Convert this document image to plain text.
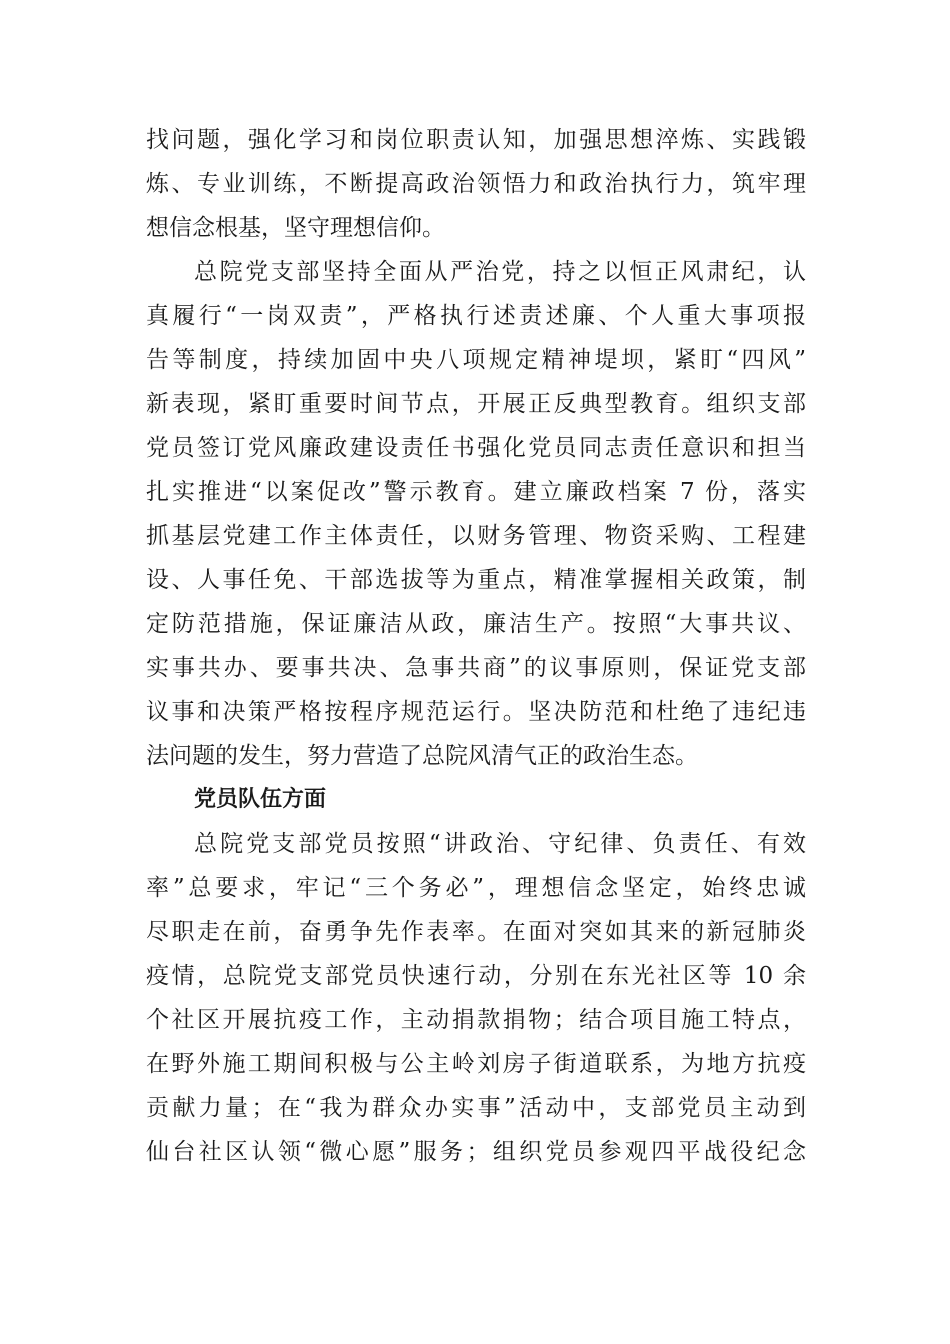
找问题，强化学习和岗位职责认知，加强思想淬炼、实践锻
炼、专业训练，不断提高政治领悟力和政治执行力，筑牢理
想信念根基，坚守理想信仰。
总院党支部坚持全面从严治党，持之以恒正风肃纪，认
真履行“一岗双责”，严格执行述责述廉、个人重大事项报
告等制度，持续加固中央八项规定精神堤坝，紧盯“四风”
新表现，紧盯重要时间节点，开展正反典型教育。组织支部
党员签订党风廉政建设责任书强化党员同志责任意识和担当
扎实推进“以案促改”警示教育。建立廉政档案 7 份，落实
抓基层党建工作主体责任，以财务管理、物资采购、工程建
设、人事任免、干部选拔等为重点，精准掌握相关政策，制
定防范措施，保证廉洁从政，廉洁生产。按照“大事共议、
实事共办、要事共决、急事共商”的议事原则，保证党支部
议事和决策严格按程序规范运行。坚决防范和杜绝了违纪违
法问题的发生，努力营造了总院风清气正的政治生态。
党员队伍方面
总院党支部党员按照“讲政治、守纪律、负责任、有效
率”总要求，牢记“三个务必”，理想信念坚定，始终忠诚
尽职走在前，奋勇争先作表率。在面对突如其来的新冠肺炎
疫情，总院党支部党员快速行动，分别在东光社区等 10 余
个社区开展抗疫工作，主动捐款捐物；结合项目施工特点，
在野外施工期间积极与公主岭刘房子街道联系，为地方抗疫
贡献力量；在“我为群众办实事”活动中，支部党员主动到
仙台社区认领“微心愿”服务；组织党员参观四平战役纪念
